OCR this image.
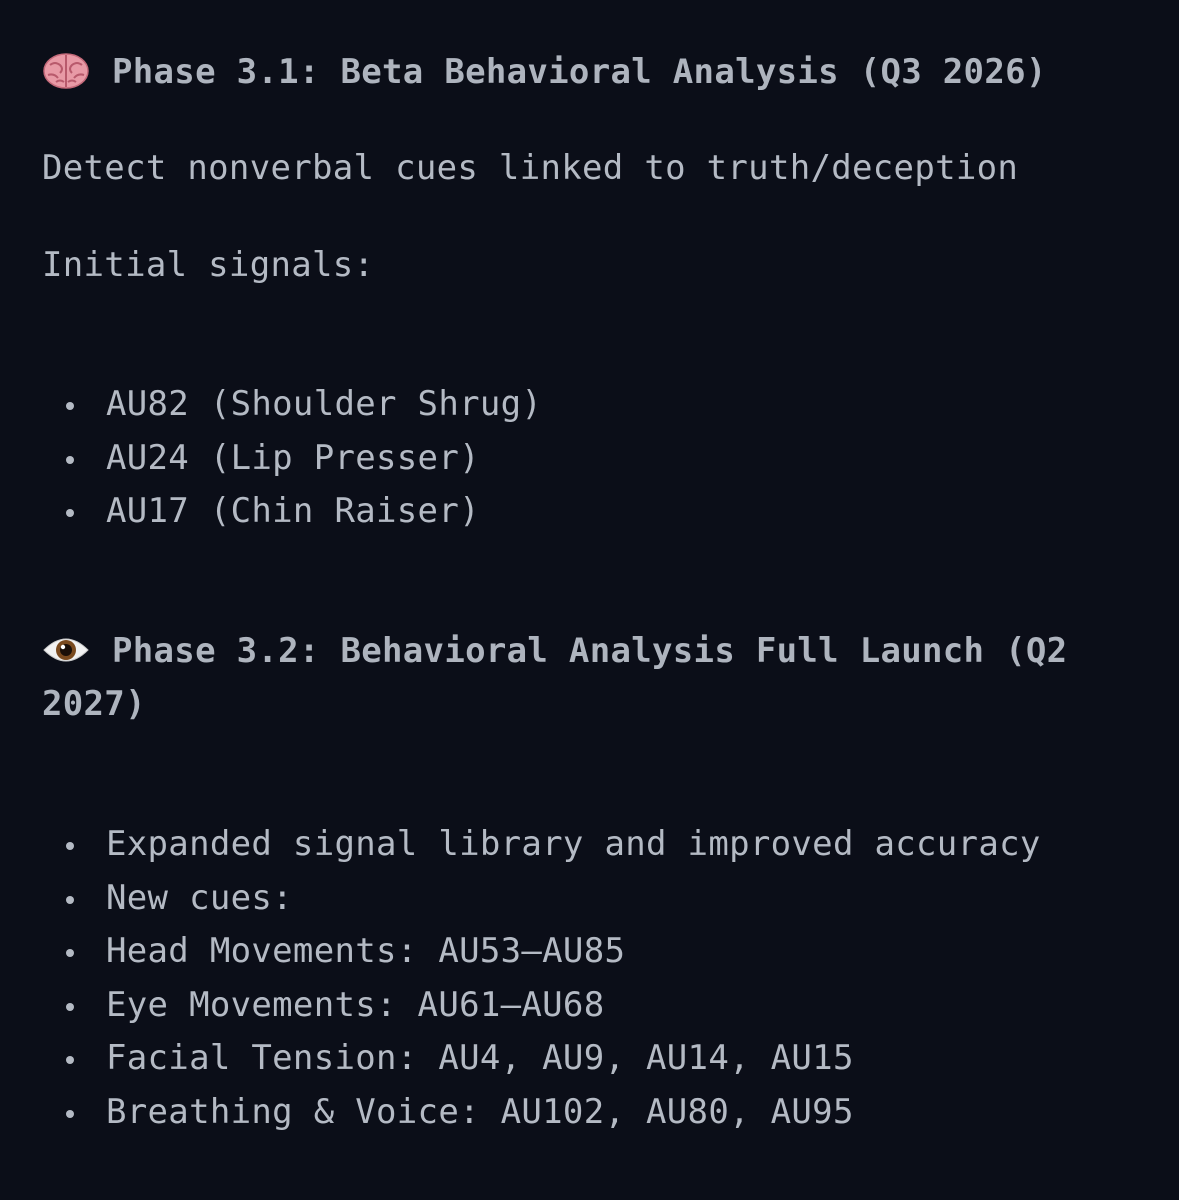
Phase 3.1: Beta Behavioral Analysis (Q3 2026)
Detect nonverbal cues linked to truth/deception
Initial signals:
AU82 (Shoulder Shrug)
AU24 (Lip Presser)
AU17 (Chin Raiser)
Phase 3.2: Behavioral Analysis Full Launch (Q2 2027)
Expanded signal library and improved accuracy
New cues:
Head Movements: AU53–AU85
Eye Movements: AU61–AU68
Facial Tension: AU4, AU9, AU14, AU15
Breathing & Voice: AU102, AU80, AU95
